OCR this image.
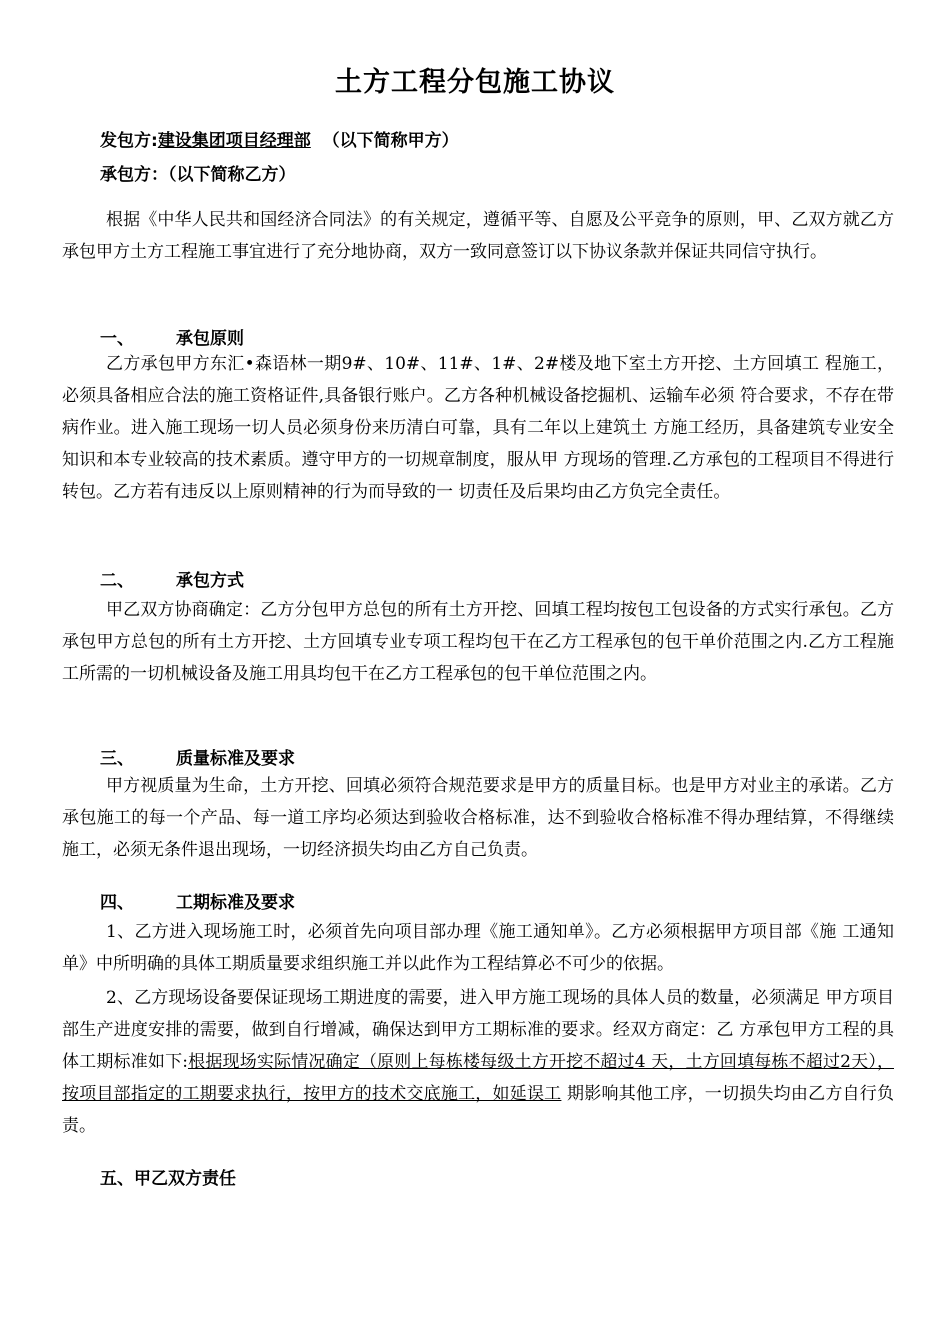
土方工程分包施工协议
发包方:建设集团项目经理部 （以下简称甲方）
承包方：（以下简称乙方）

根据《中华人民共和国经济合同法》的有关规定，遵循平等、自愿及公平竞争的原则，甲、乙双方就乙方承包甲方土方工程施工事宜进行了充分地协商，双方一致同意签订以下协议条款并保证共同信守执行。

一、 承包原则

乙方承包甲方东汇•森语林一期9#、10#、11#、1#、2#楼及地下室土方开挖、土方回填工 程施工，必须具备相应合法的施工资格证件,具备银行账户。乙方各种机械设备挖掘机、运输车必须 符合要求，不存在带病作业。进入施工现场一切人员必须身份来历清白可靠，具有二年以上建筑土 方施工经历，具备建筑专业安全知识和本专业较高的技术素质。遵守甲方的一切规章制度，服从甲 方现场的管理.乙方承包的工程项目不得进行转包。乙方若有违反以上原则精神的行为而导致的一 切责任及后果均由乙方负完全责任。

二、 承包方式

甲乙双方协商确定：乙方分包甲方总包的所有土方开挖、回填工程均按包工包设备的方式实行承包。乙方承包甲方总包的所有土方开挖、土方回填专业专项工程均包干在乙方工程承包的包干单价范围之内.乙方工程施工所需的一切机械设备及施工用具均包干在乙方工程承包的包干单位范围之内。

三、 质量标准及要求

甲方视质量为生命，土方开挖、回填必须符合规范要求是甲方的质量目标。也是甲方对业主的承诺。乙方承包施工的每一个产品、每一道工序均必须达到验收合格标准，达不到验收合格标准不得办理结算，不得继续施工，必须无条件退出现场，一切经济损失均由乙方自己负责。

四、 工期标准及要求

1、乙方进入现场施工时，必须首先向项目部办理《施工通知单》。乙方必须根据甲方项目部《施 工通知单》中所明确的具体工期质量要求组织施工并以此作为工程结算必不可少的依据。

2、乙方现场设备要保证现场工期进度的需要，进入甲方施工现场的具体人员的数量，必须满足 甲方项目部生产进度安排的需要，做到自行增减，确保达到甲方工期标准的要求。经双方商定：乙 方承包甲方工程的具体工期标准如下:根据现场实际情况确定（原则上每栋楼每级土方开挖不超过4 天，土方回填每栋不超过2天），按项目部指定的工期要求执行，按甲方的技术交底施工，如延误工 期影响其他工序，一切损失均由乙方自行负责。

五、甲乙双方责任
